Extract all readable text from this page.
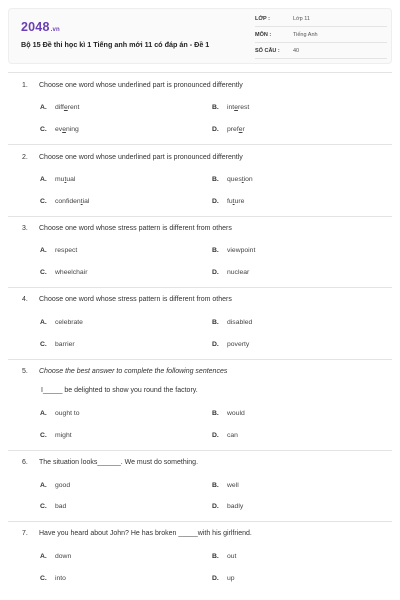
2048.vn
Bộ 15 Đề thi học kì 1 Tiếng anh mới 11 có đáp án - Đề 1
LỚP :	Lớp 11
MÔN :	Tiếng Anh
SỐ CÂU : 40
1. Choose one word whose underlined part is pronounced differently
A. different	B. interest
C. evening	D. prefer
2. Choose one word whose underlined part is pronounced differently
A. mutual	B. question
C. confidential	D. future
3. Choose one word whose stress pattern is different from others
A. respect	B. viewpoint
C. wheelchair	D. nuclear
4. Choose one word whose stress pattern is different from others
A. celebrate	B. disabled
C. barrier	D. poverty
5. Choose the best answer to complete the following sentences
I_____ be delighted to show you round the factory.
A. ought to	B. would
C. might	D. can
6. The situation looks______. We must do something.
A. good	B. well
C. bad	D. badly
7. Have you heard about John? He has broken _____with his girlfriend.
A. down	B. out
C. into	D. up
